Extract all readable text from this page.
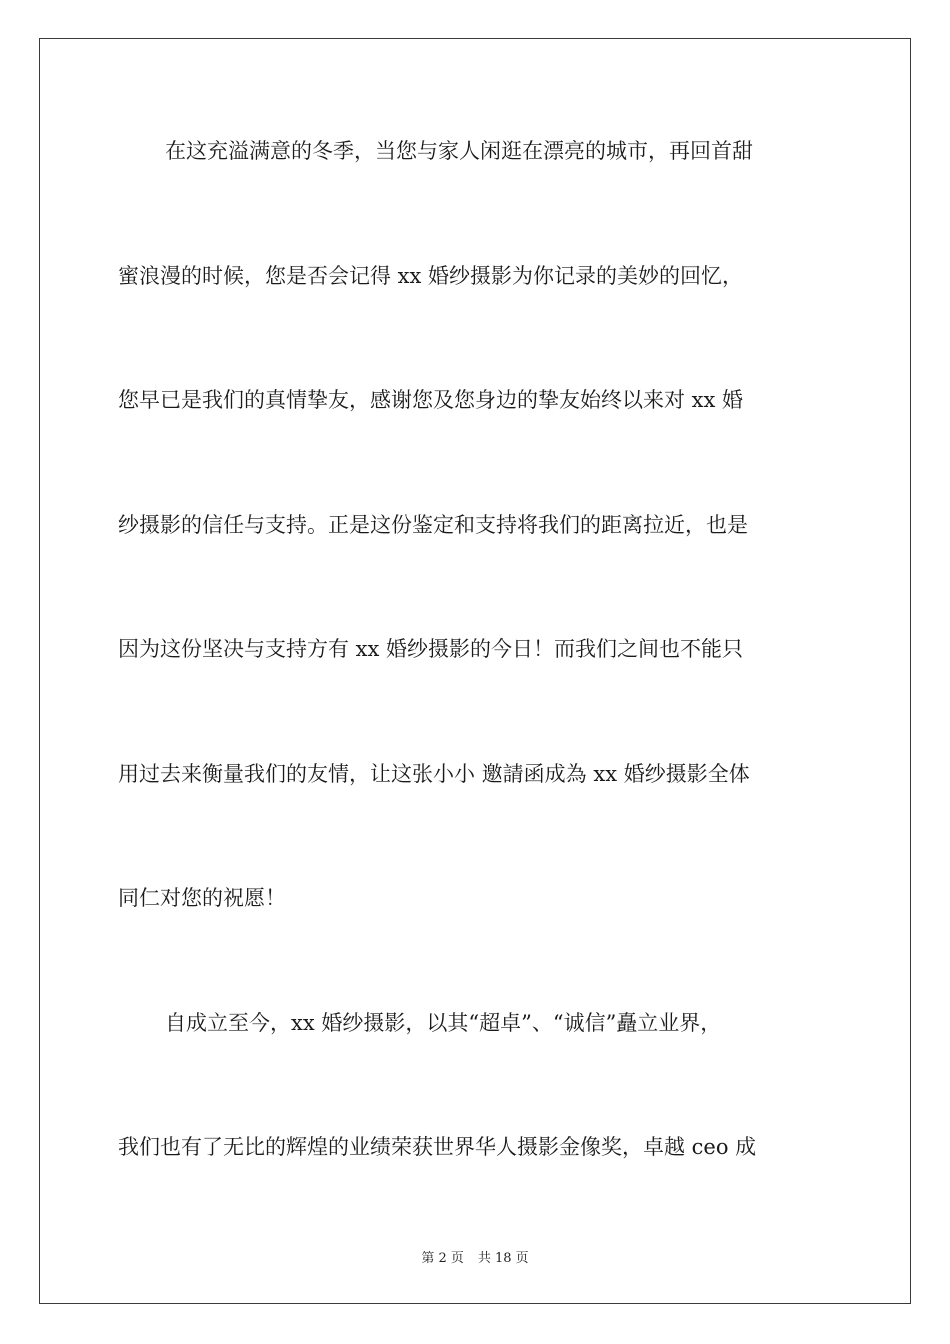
在这充溢满意的冬季，当您与家人闲逛在漂亮的城市，再回首甜
蜜浪漫的时候，您是否会记得 xx 婚纱摄影为你记录的美妙的回忆，
您早已是我们的真情挚友，感谢您及您身边的挚友始终以来对 xx 婚
纱摄影的信任与支持。正是这份鉴定和支持将我们的距离拉近，也是
因为这份坚决与支持方有 xx 婚纱摄影的今日！而我们之间也不能只
用过去来衡量我们的友情，让这张小小 邀請函成為 xx 婚纱摄影全体
同仁对您的祝愿！
自成立至今，xx 婚纱摄影，以其“超卓”、“诚信”矗立业界，
我们也有了无比的辉煌的业绩荣获世界华人摄影金像奖，卓越 ceo 成
第 2 页 共 18 页
